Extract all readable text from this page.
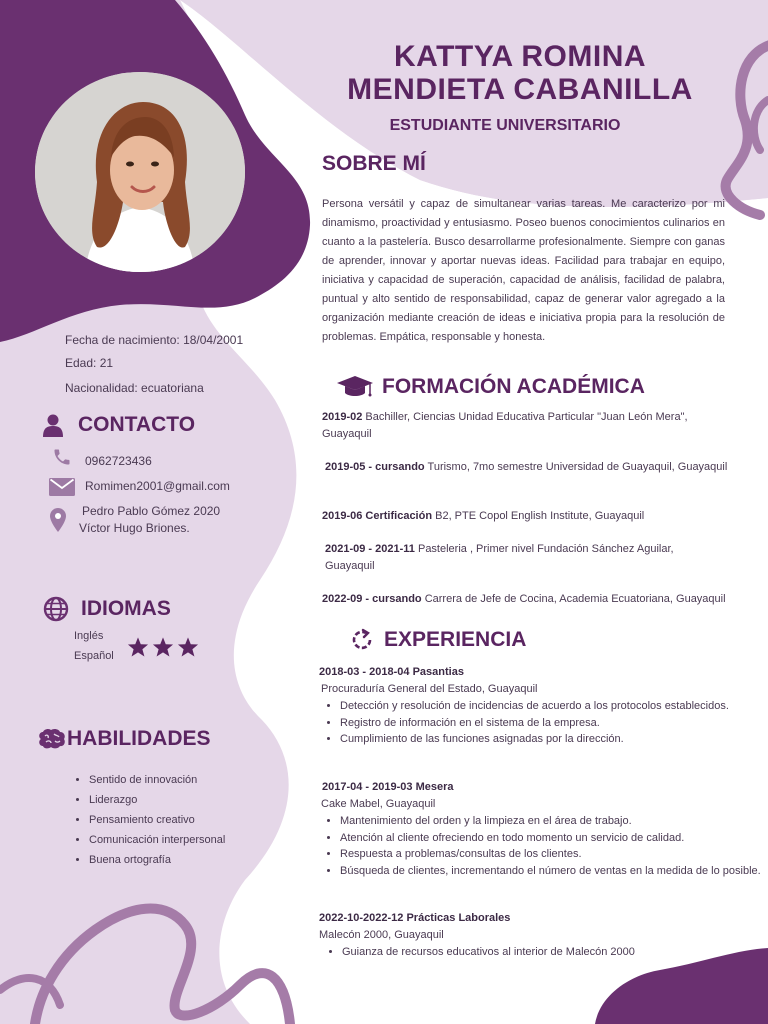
KATTYA ROMINA
MENDIETA CABANILLA
ESTUDIANTE UNIVERSITARIO
SOBRE MÍ

Persona versátil y capaz de simultanear varias tareas. Me caracterizo por mi dinamismo, proactividad y entusiasmo. Poseo buenos conocimientos culinarios en cuanto a la pastelería. Busco desarrollarme profesionalmente. Siempre con ganas de aprender, innovar y aportar nuevas ideas. Facilidad para trabajar en equipo, iniciativa y capacidad de superación, capacidad de análisis, facilidad de palabra, puntual y alto sentido de responsabilidad, capaz de generar valor agregado a la organización mediante creación de ideas e iniciativa propia para la resolución de problemas. Empática, responsable y honesta.

Fecha de nacimiento: 18/04/2001
Edad: 21
Nacionalidad: ecuatoriana
CONTACTO
0962723436
Romimen2001@gmail.com
Pedro Pablo Gómez 2020
Víctor Hugo Briones.
IDIOMAS
Inglés
Español
HABILIDADES
• Sentido de innovación
• Liderazgo
• Pensamiento creativo
• Comunicación interpersonal
• Buena ortografía
FORMACIÓN ACADÉMICA

2019-02 Bachiller, Ciencias Unidad Educativa Particular "Juan León Mera", Guayaquil

2019-05 - cursando Turismo, 7mo semestre Universidad de Guayaquil, Guayaquil

2019-06 Certificación B2, PTE Copol English Institute, Guayaquil

2021-09 - 2021-11 Pasteleria , Primer nivel Fundación Sánchez Aguilar, Guayaquil

2022-09 - cursando Carrera de Jefe de Cocina, Academia Ecuatoriana, Guayaquil

EXPERIENCIA
2018-03 - 2018-04 Pasantias
Procuraduría General del Estado, Guayaquil
• Detección y resolución de incidencias de acuerdo a los protocolos establecidos.
• Registro de información en el sistema de la empresa.
• Cumplimiento de las funciones asignadas por la dirección.
2017-04 - 2019-03 Mesera
Cake Mabel, Guayaquil
• Mantenimiento del orden y la limpieza en el área de trabajo.
• Atención al cliente ofreciendo en todo momento un servicio de calidad.
• Respuesta a problemas/consultas de los clientes.
• Búsqueda de clientes, incrementando el número de ventas en la medida de lo posible.
2022-10-2022-12 Prácticas Laborales
Malecón 2000, Guayaquil
• Guianza de recursos educativos al interior de Malecón 2000
